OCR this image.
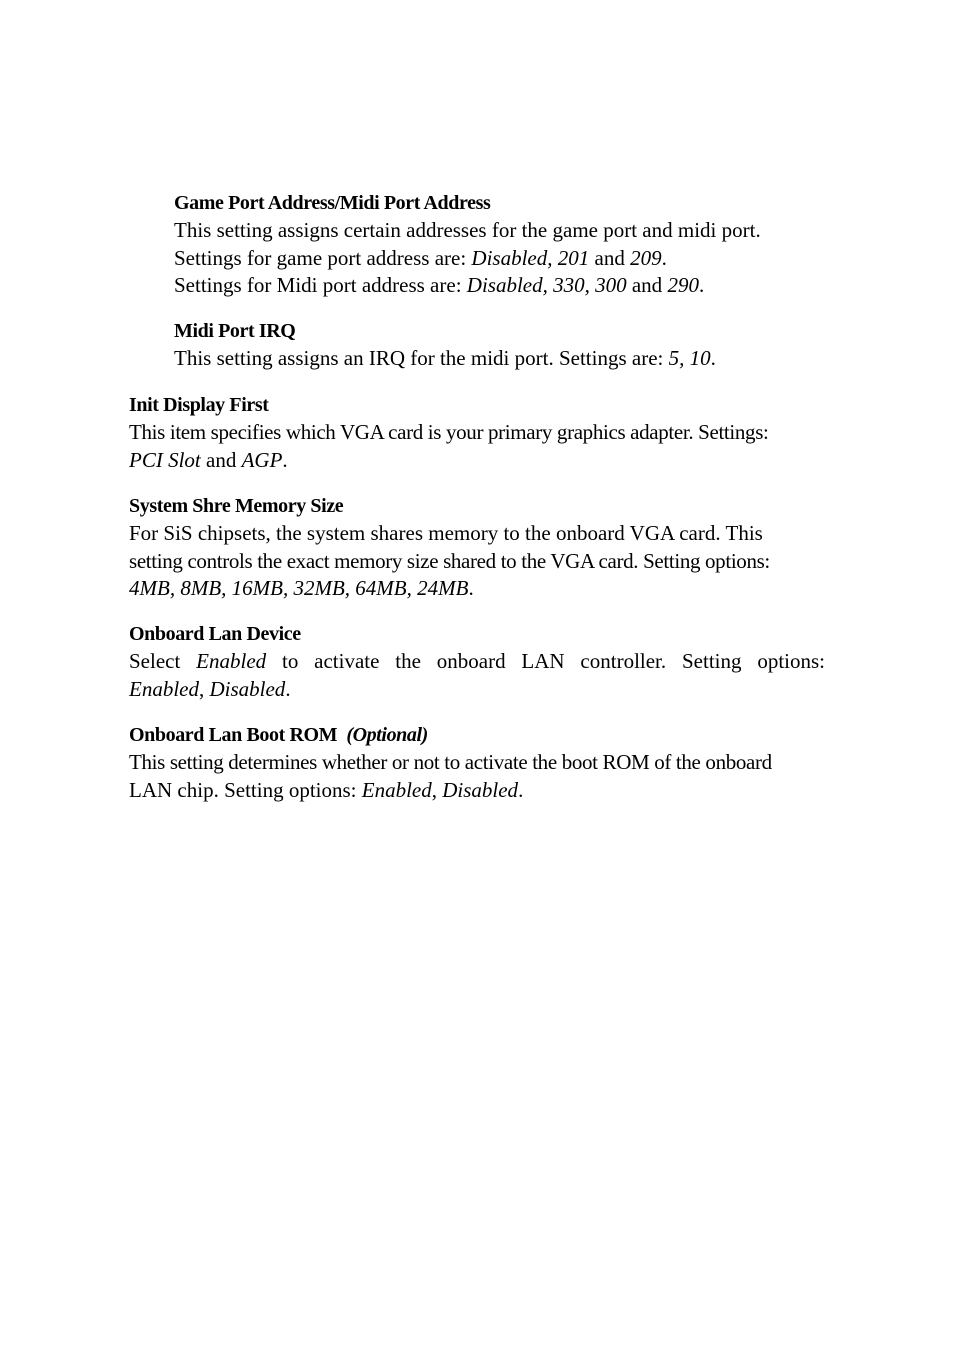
Game Port Address/Midi Port Address
This setting assigns certain addresses for the game port and midi port.
Settings for game port address are: Disabled, 201 and 209.
Settings for Midi port address are: Disabled, 330, 300 and 290.
Midi Port IRQ
This setting assigns an IRQ for the midi port. Settings are: 5, 10.
Init Display First
This item specifies which VGA card is your primary graphics adapter. Settings:
PCI Slot and AGP.
System Shre Memory Size
For SiS chipsets, the system shares memory to the onboard VGA card. This
setting controls the exact memory size shared to the VGA card. Setting options:
4MB, 8MB, 16MB, 32MB, 64MB, 24MB.
Onboard Lan Device
Select Enabled to activate the onboard LAN controller. Setting options:
Enabled, Disabled.
Onboard Lan Boot ROM (Optional)
This setting determines whether or not to activate the boot ROM of the onboard
LAN chip. Setting options: Enabled, Disabled.
